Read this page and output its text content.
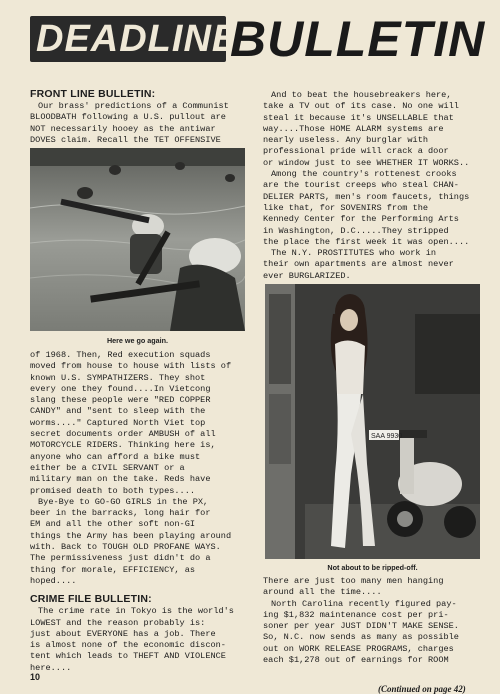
DEADLINE
BULLETIN
FRONT LINE BULLETIN:

Our brass' predictions of a Communist

BLOODBATH following a U.S. pullout are

NOT necessarily hooey as the antiwar

DOVES claim. Recall the TET OFFENSIVE

Here we go again.

of 1968. Then, Red execution squads

moved from house to house with lists of

known U.S. SYMPATHIZERS. They shot

every one they found....In Vietcong

slang these people were "RED COPPER

CANDY" and "sent to sleep with the

worms...." Captured North Viet top

secret documents order AMBUSH of all

MOTORCYCLE RIDERS. Thinking here is,

anyone who can afford a bike must

either be a CIVIL SERVANT or a

military man on the take. Reds have

promised death to both types....

Bye-Bye to GO-GO GIRLS in the PX,

beer in the barracks, long hair for

EM and all the other soft non-GI

things the Army has been playing around

with. Back to TOUGH OLD PROFANE WAYS.

The permissiveness just didn't do a

thing for morale, EFFICIENCY, as

hoped....

CRIME FILE BULLETIN:

The crime rate in Tokyo is the world's

LOWEST and the reason probably is:

just about EVERYONE has a job. There

is almost none of the economic discon-

tent which leads to THEFT AND VIOLENCE

here....

And to beat the housebreakers here,

take a TV out of its case. No one will

steal it because it's UNSELLABLE that

way....Those HOME ALARM systems are

nearly useless. Any burglar with

professional pride will crack a door

or window just to see WHETHER IT WORKS..

Among the country's rottenest crooks

are the tourist creeps who steal CHAN-

DELIER PARTS, men's room faucets, things

like that, for SOVENIRS from the

Kennedy Center for the Performing Arts

in Washington, D.C.....They stripped

the place the first week it was open....

The N.Y. PROSTITUTES who work in

their own apartments are almost never

ever BURGLARIZED.

SAA 9930
Not about to be ripped-off.

There are just too many men hanging

around all the time....

North Carolina recently figured pay-

ing $1,832 maintenance cost per pri-

soner per year JUST DIDN'T MAKE SENSE.

So, N.C. now sends as many as possible

out on WORK RELEASE PROGRAMS, charges

each $1,278 out of earnings for ROOM

10
(Continued on page 42)
